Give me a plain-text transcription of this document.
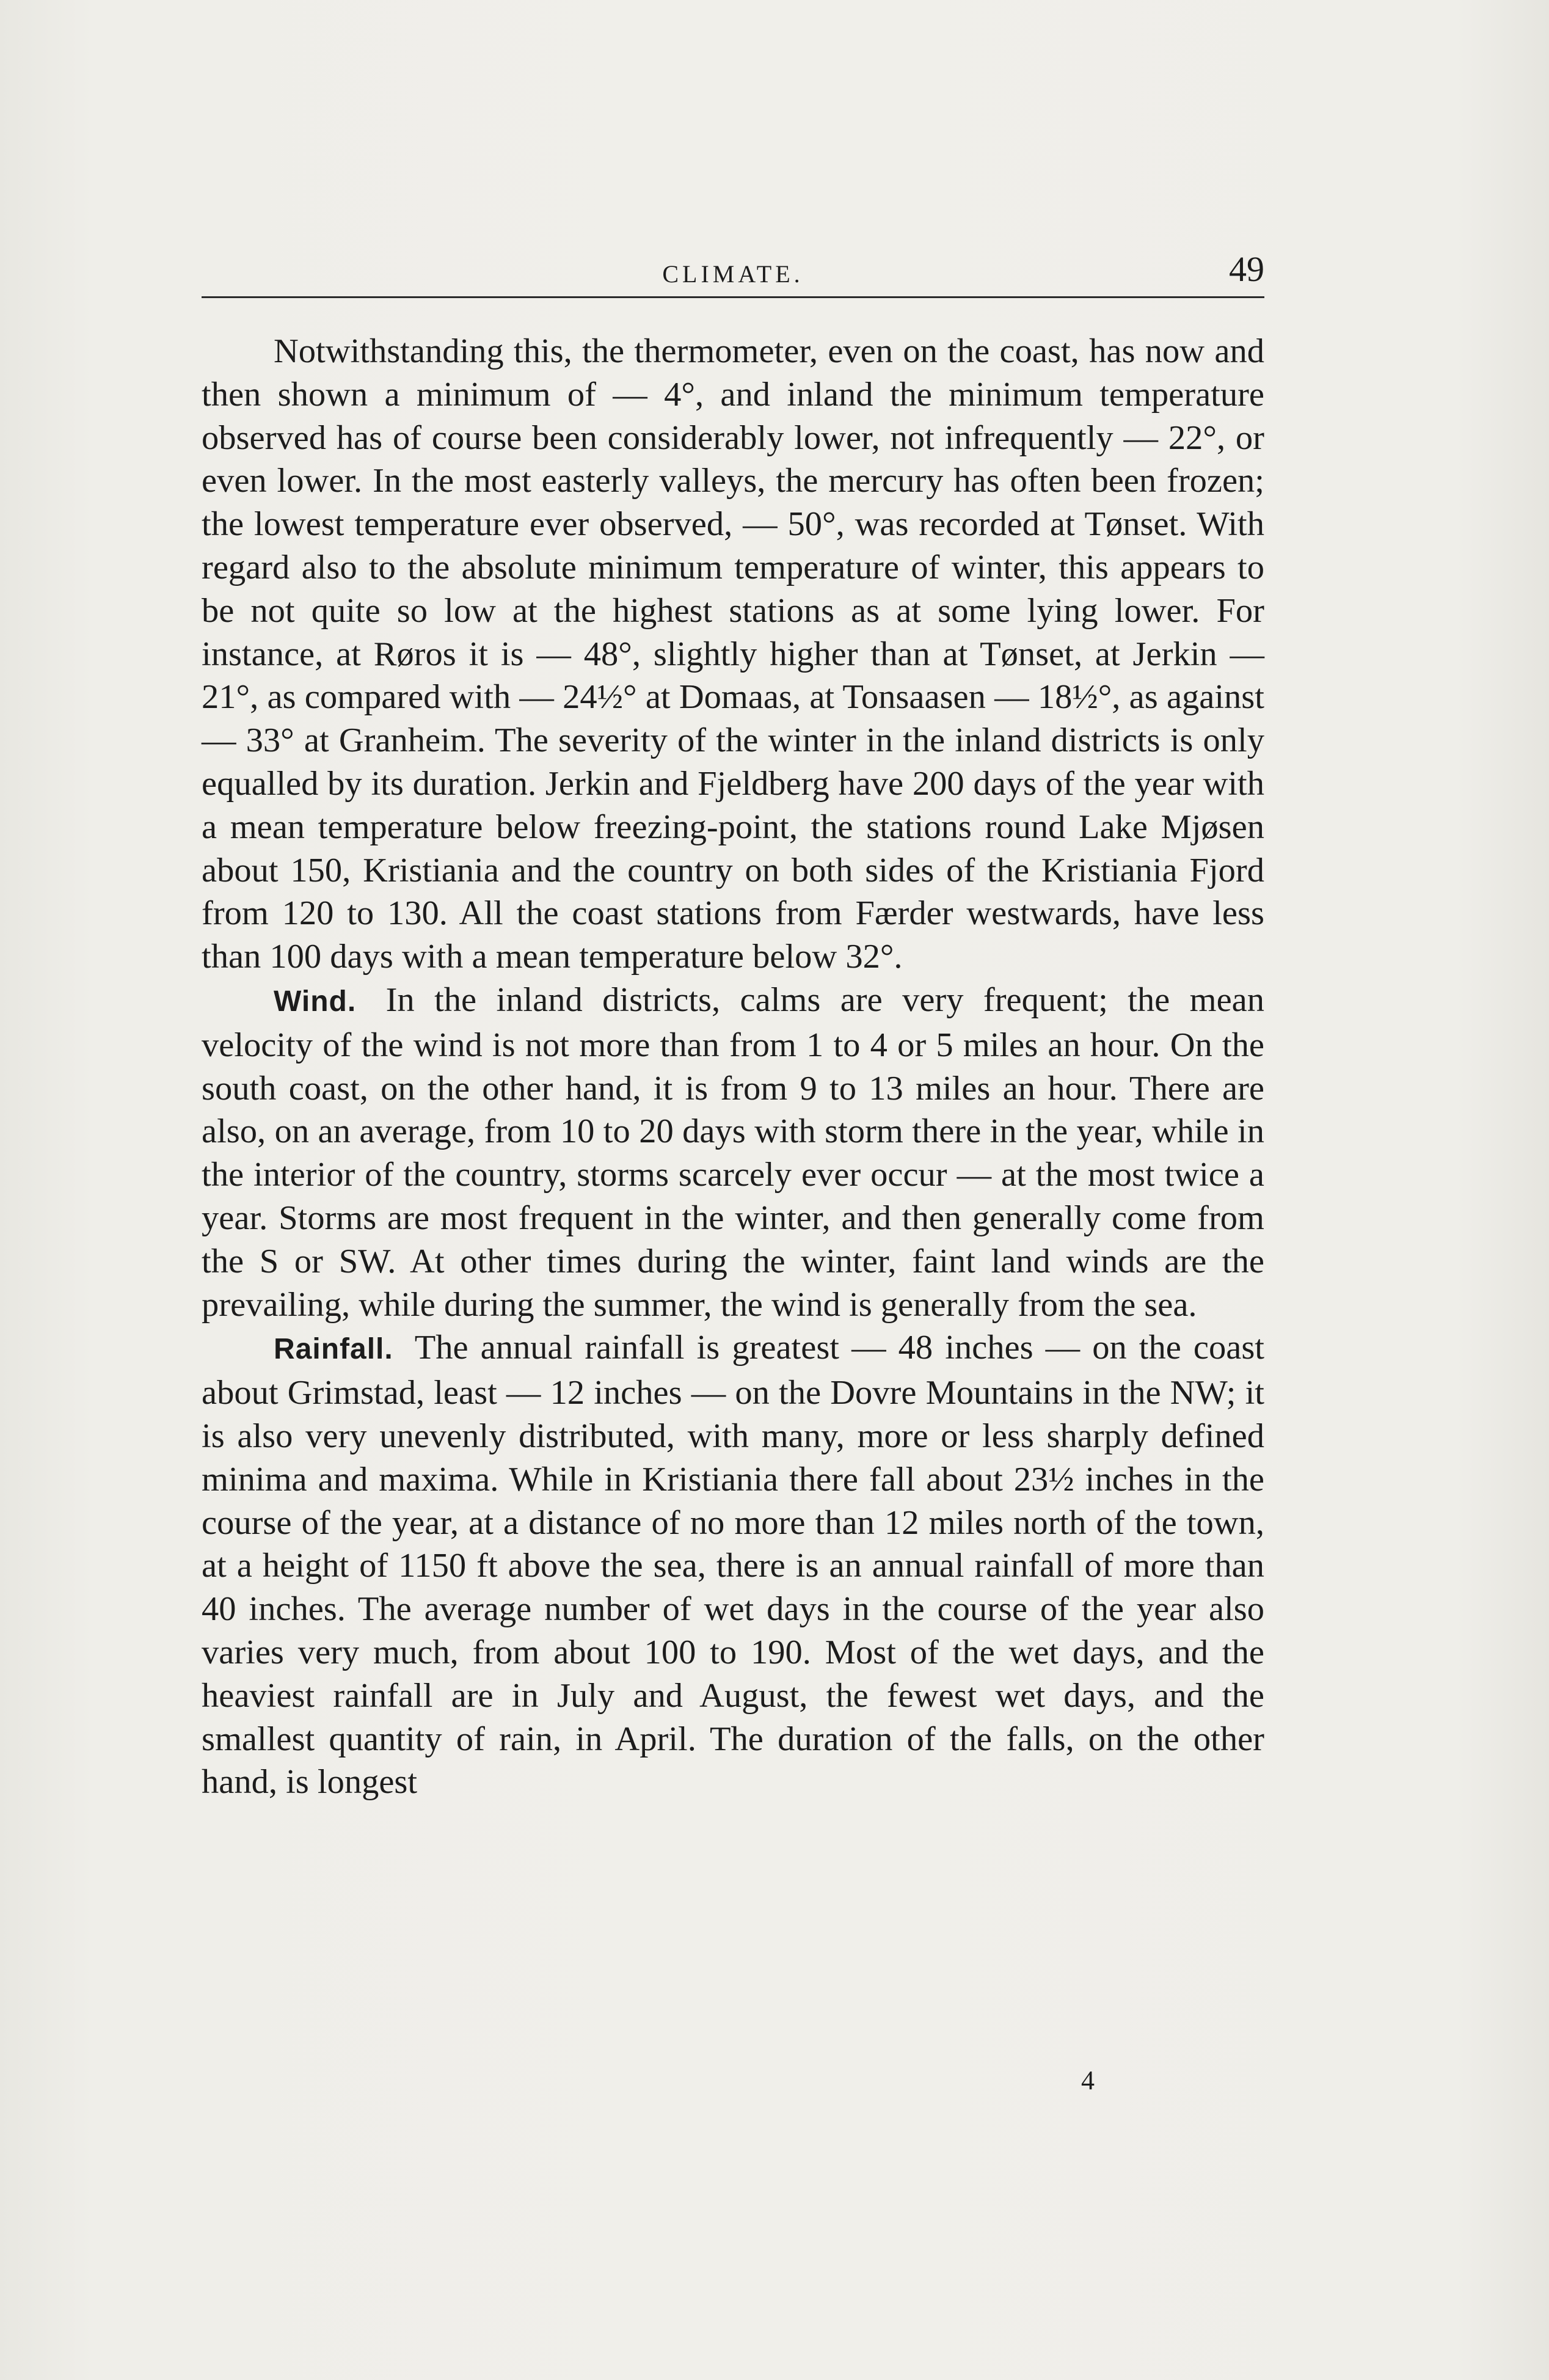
CLIMATE.	49

Notwithstanding this, the thermometer, even on the coast, has now and then shown a minimum of — 4°, and inland the minimum temperature observed has of course been considerably lower, not infrequently — 22°, or even lower. In the most easterly valleys, the mercury has often been frozen; the lowest temperature ever observed, — 50°, was recorded at Tønset. With regard also to the absolute minimum temperature of winter, this appears to be not quite so low at the highest stations as at some lying lower. For instance, at Røros it is — 48°, slightly higher than at Tønset, at Jerkin — 21°, as compared with — 24½° at Domaas, at Tonsaasen — 18½°, as against — 33° at Granheim. The severity of the winter in the inland districts is only equalled by its duration. Jerkin and Fjeldberg have 200 days of the year with a mean temperature below freezing-point, the stations round Lake Mjøsen about 150, Kristiania and the country on both sides of the Kristiania Fjord from 120 to 130. All the coast stations from Færder westwards, have less than 100 days with a mean temperature below 32°.

Wind. In the inland districts, calms are very frequent; the mean velocity of the wind is not more than from 1 to 4 or 5 miles an hour. On the south coast, on the other hand, it is from 9 to 13 miles an hour. There are also, on an average, from 10 to 20 days with storm there in the year, while in the interior of the country, storms scarcely ever occur — at the most twice a year. Storms are most frequent in the winter, and then generally come from the S or SW. At other times during the winter, faint land winds are the prevailing, while during the summer, the wind is generally from the sea.

Rainfall. The annual rainfall is greatest — 48 inches — on the coast about Grimstad, least — 12 inches — on the Dovre Mountains in the NW; it is also very unevenly distributed, with many, more or less sharply defined minima and maxima. While in Kristiania there fall about 23½ inches in the course of the year, at a distance of no more than 12 miles north of the town, at a height of 1150 ft above the sea, there is an annual rainfall of more than 40 inches. The average number of wet days in the course of the year also varies very much, from about 100 to 190. Most of the wet days, and the heaviest rainfall are in July and August, the fewest wet days, and the smallest quantity of rain, in April. The duration of the falls, on the other hand, is longest

4
